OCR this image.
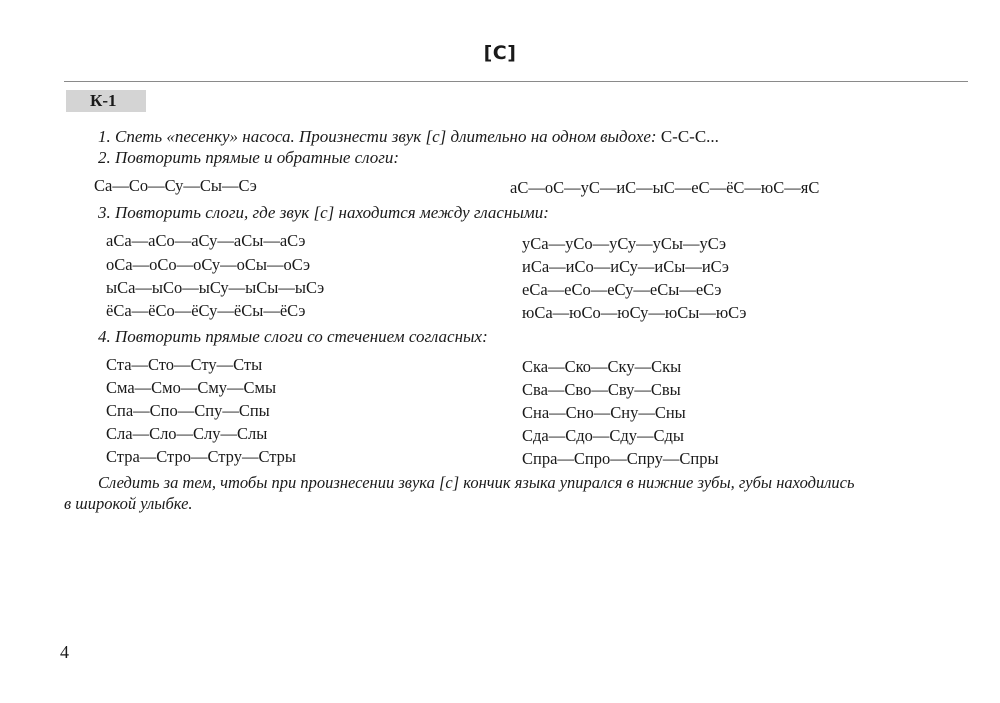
[С]
К-1
1. Спеть «песенку» насоса. Произнести звук [с] длительно на одном выдохе: С-С-С...
2. Повторить прямые и обратные слоги:
Са—Со—Су—Сы—Сэ	аС—оС—уС—иС—ыС—еС—ёС—юС—яС
3. Повторить слоги, где звук [с] находится между гласными:
аСа—аСо—аСу—аСы—аСэ
оСа—оСо—оСу—оСы—оСэ
ыСа—ыСо—ыСу—ыСы—ыСэ
ёСа—ёСо—ёСу—ёСы—ёСэ
уСа—уСо—уСу—уСы—уСэ
иСа—иСо—иСу—иСы—иСэ
еСа—еСо—еСу—еСы—еСэ
юСа—юСо—юСу—юСы—юСэ
4. Повторить прямые слоги со стечением согласных:
Ста—Сто—Сту—Сты
Сма—Смо—Сму—Смы
Спа—Спо—Спу—Спы
Сла—Сло—Слу—Слы
Стра—Стро—Стру—Стры
Ска—Ско—Ску—Скы
Сва—Сво—Сву—Свы
Сна—Сно—Сну—Сны
Сда—Сдо—Сду—Сды
Спра—Спро—Спру—Спры
Следить за тем, чтобы при произнесении звука [с] кончик языка упирался в нижние зубы, губы находились
в широкой улыбке.
4
